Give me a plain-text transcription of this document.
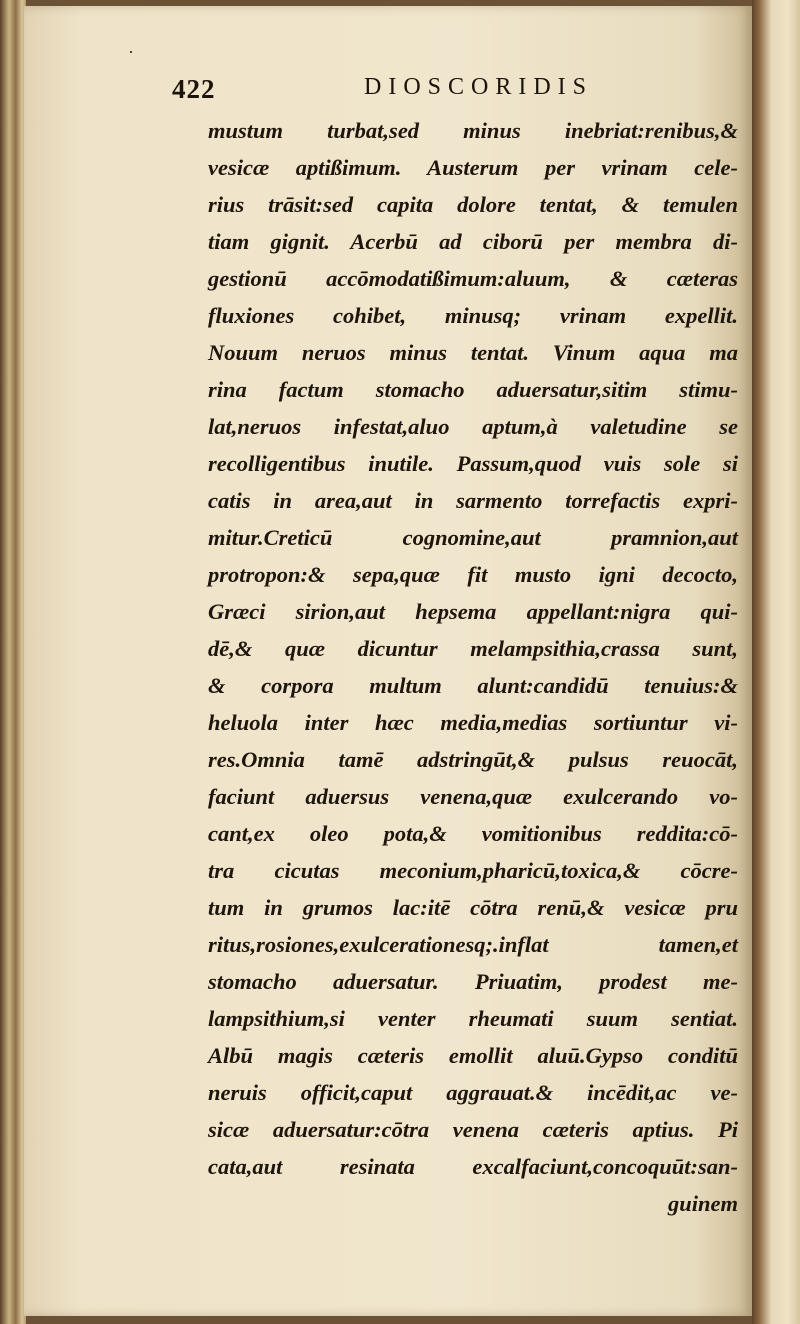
·
422	DIOSCORIDIS
mustum turbat,sed minus inebriat:renibus,&
vesicæ aptißimum. Austerum per vrinam cele-
rius trāsit:sed capita dolore tentat, & temulen
tiam gignit. Acerbū ad ciborū per membra di-
gestionū accōmodatißimum:aluum, & cæteras
fluxiones cohibet, minusq; vrinam expellit.
Nouum neruos minus tentat. Vinum aqua ma
rina factum stomacho aduersatur,sitim stimu-
lat,neruos infestat,aluo aptum,à valetudine se
recolligentibus inutile. Passum,quod vuis sole si
catis in area,aut in sarmento torrefactis expri-
mitur.Creticū cognomine,aut pramnion,aut
protropon:& sepa,quæ fit musto igni decocto,
Græci sirion,aut hepsema appellant:nigra qui-
dē,& quæ dicuntur melampsithia,crassa sunt,
& corpora multum alunt:candidū tenuius:&
heluola inter hæc media,medias sortiuntur vi-
res.Omnia tamē adstringūt,& pulsus reuocāt,
faciunt aduersus venena,quæ exulcerando vo-
cant,ex oleo pota,& vomitionibus reddita:cō-
tra cicutas meconium,pharicū,toxica,& cōcre-
tum in grumos lac:itē cōtra renū,& vesicæ pru
ritus,rosiones,exulcerationesq;.inflat tamen,et
stomacho aduersatur. Priuatim, prodest me-
lampsithium,si venter rheumati suum sentiat.
Albū magis cæteris emollit aluū.Gypso conditū
neruis officit,caput aggrauat.& incēdit,ac ve-
sicæ aduersatur:cōtra venena cæteris aptius. Pi
cata,aut resinata excalfaciunt,concoquūt:san-
guinem
